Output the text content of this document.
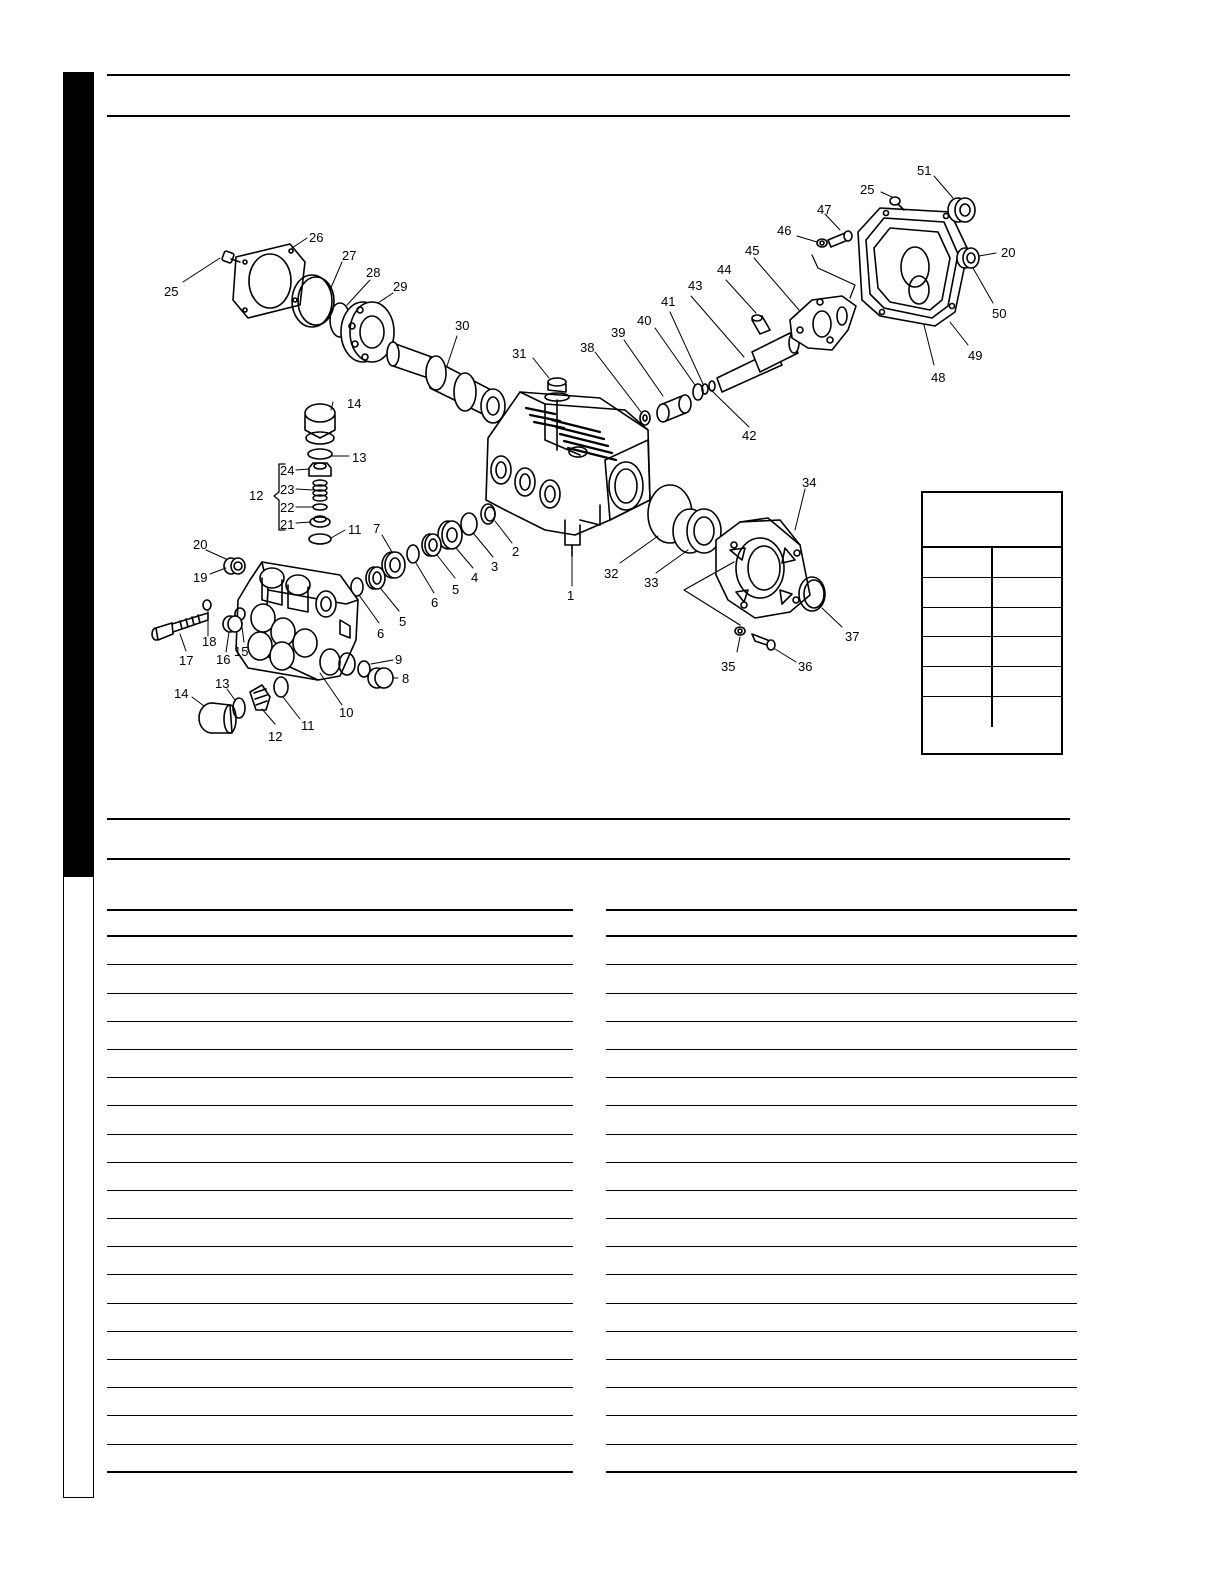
25
26
27
28
29
30
31	38
39
40
41
43
44
45
42
46
47
25
51
20
50
49
48
1
2
3
4
5
6
5
6
7
32
33
34
37
35	36
14
13
24
23
12
22
21	11
20
19
18
17 16
15
10
9
8
14
13
12
11
